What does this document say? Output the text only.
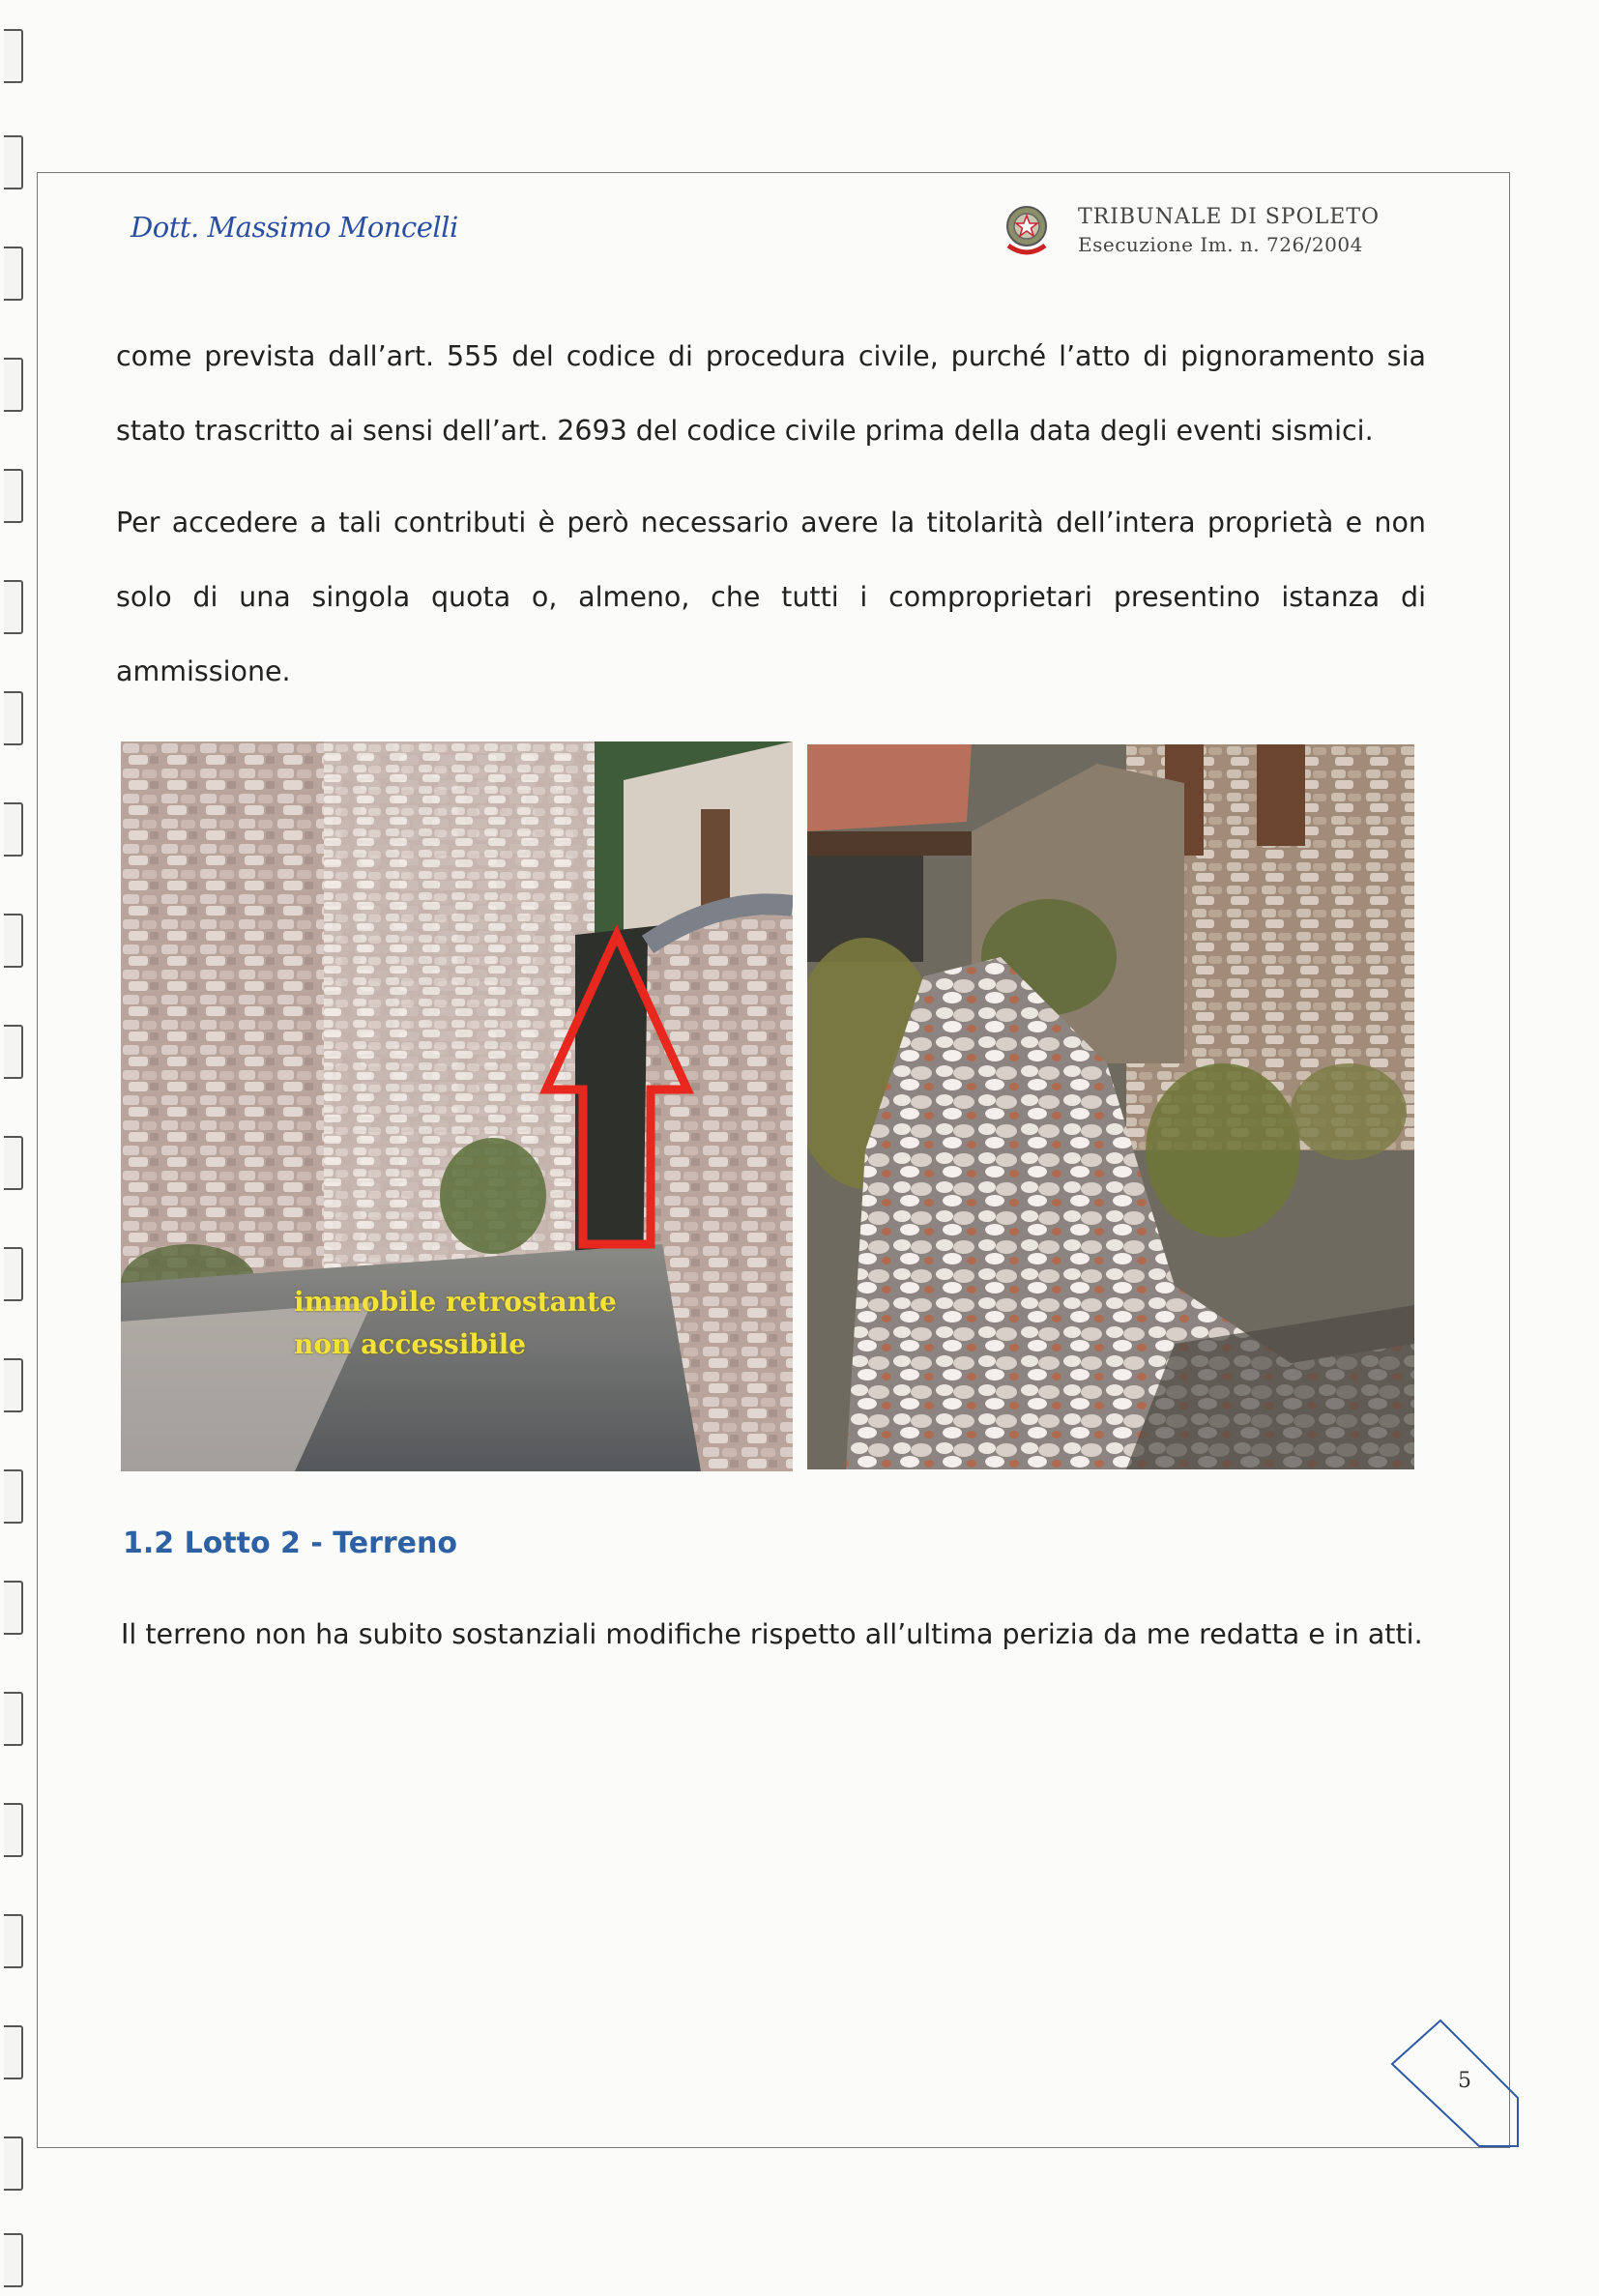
Dott. Massimo Moncelli	TRIBUNALE DI SPOLETO
Esecuzione Im. n. 726/2004

come prevista dall’art. 555 del codice di procedura civile, purché l’atto di pignoramento sia stato trascritto ai sensi dell’art. 2693 del codice civile prima della data degli eventi sismici.

Per accedere a tali contributi è però necessario avere la titolarità dell’intera proprietà e non solo di una singola quota o, almeno, che tutti i comproprietari presentino istanza di ammissione.

immobile retrostante
non accessibile
1.2 Lotto 2 - Terreno

Il terreno non ha subito sostanziali modifiche rispetto all’ultima perizia da me redatta e in atti.

5
